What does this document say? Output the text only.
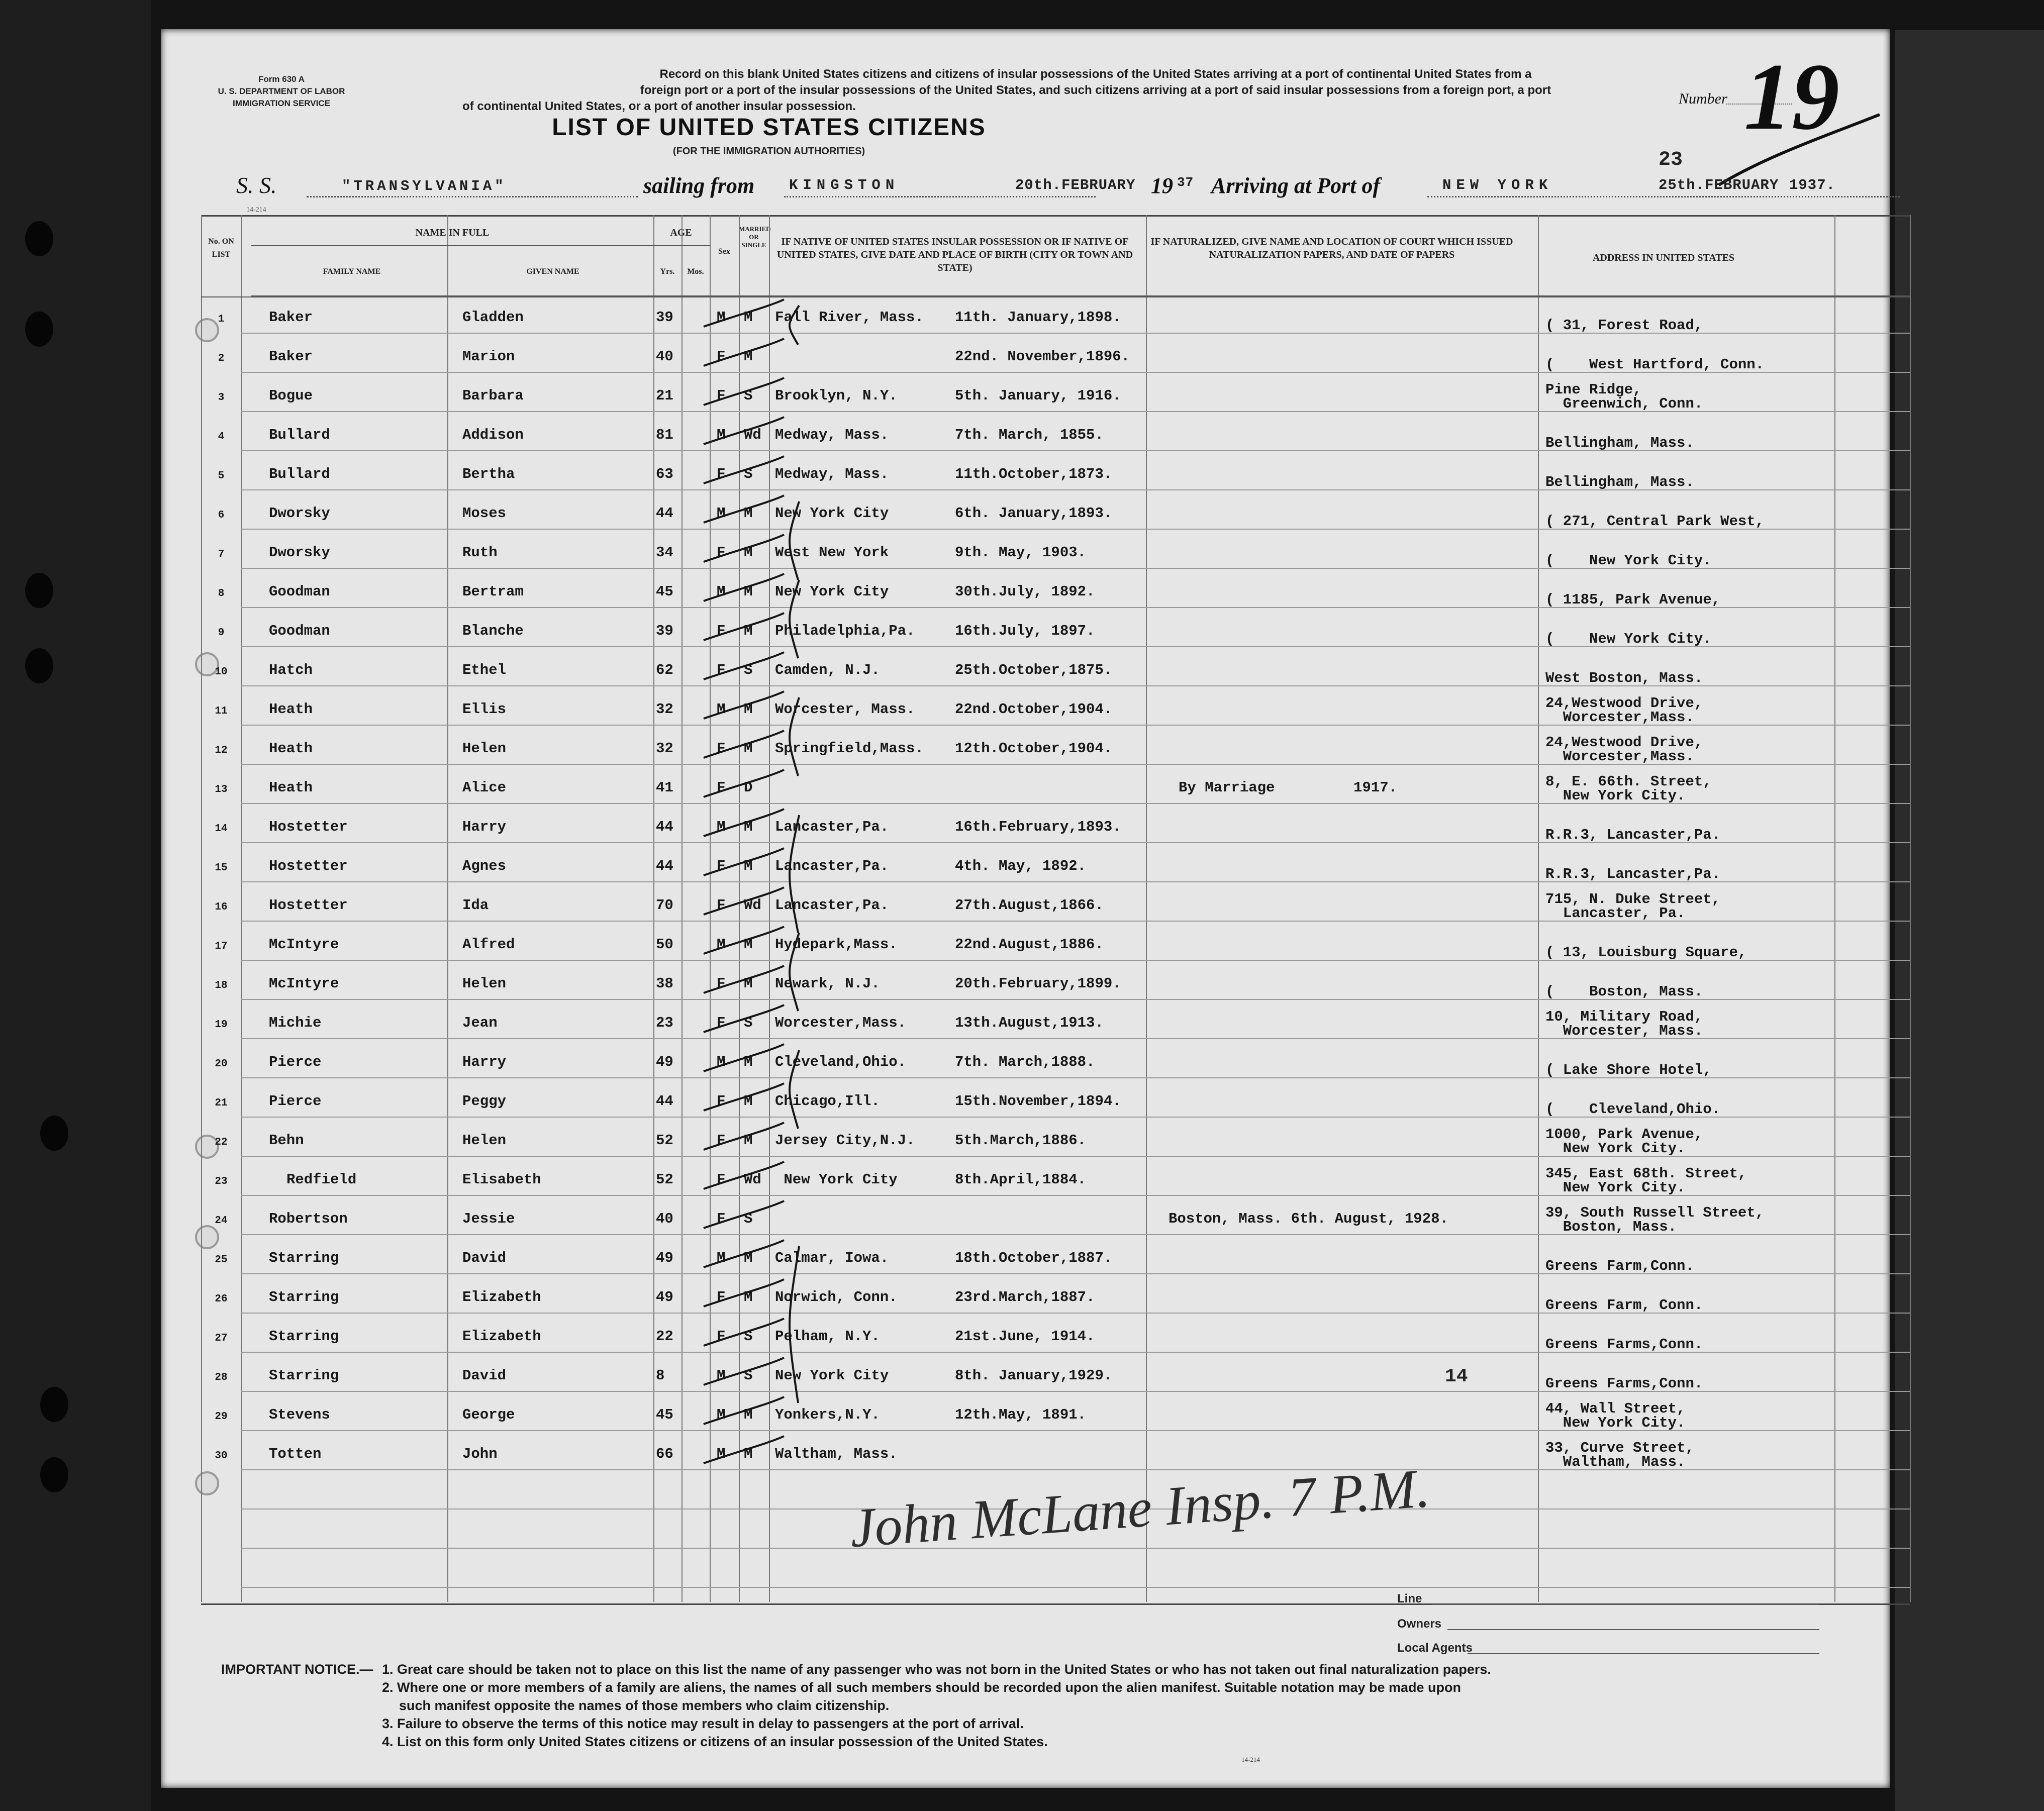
Form 630 A
U. S. DEPARTMENT OF LABOR
IMMIGRATION SERVICE
Record on this blank United States citizens and citizens of insular possessions of the United States arriving at a port of continental United States from a
foreign port or a port of the insular possessions of the United States, and such citizens arriving at a port of said insular possessions from a foreign port, a port
of continental United States, or a port of another insular possession.	Number 19
LIST OF UNITED STATES CITIZENS
(FOR THE IMMIGRATION AUTHORITIES)	23
S. S.	"TRANSYLVANIA"	sailing from KINGSTON	20th.FEBRUARY 19 37 Arriving at Port of	NEW YORK	25th.FEBRUARY 1937.
14-214
No. ON LIST
NAME IN FULL
FAMILY NAME	GIVEN NAME
AGE
Yrs.	Mos.
Sex
MARRIED OR SINGLE	IF NATIVE OF UNITED STATES INSULAR POSSESSION OR IF NATIVE OF UNITED STATES, GIVE DATE AND PLACE OF BIRTH (CITY OR TOWN AND STATE)
IF NATURALIZED, GIVE NAME AND LOCATION OF COURT WHICH ISSUED NATURALIZATION PAPERS, AND DATE OF PAPERS	ADDRESS IN UNITED STATES
1	Baker	Gladden	39	M M Fall River, Mass. 11th. January,1898.	( 31, Forest Road,
2	Baker	Marion	40	F M	22nd. November,1896.	(    West Hartford, Conn.
3	Bogue	Barbara	21	F S Brooklyn, N.Y.	5th. January, 1916.	Pine Ridge,
Greenwich, Conn.
4	Bullard	Addison	81	M Wd Medway, Mass.	7th. March, 1855.	Bellingham, Mass.
5	Bullard	Bertha	63	F S Medway, Mass.	11th.October,1873.	Bellingham, Mass.
6	Dworsky	Moses	44	M M New York City	6th. January,1893.	( 271, Central Park West,
7	Dworsky	Ruth	34	F M West New York	9th. May, 1903.	(    New York City.
8	Goodman	Bertram	45	M M New York City	30th.July, 1892.	( 1185, Park Avenue,
9	Goodman	Blanche	39	F M Philadelphia,Pa.	16th.July, 1897.	(    New York City.
10	Hatch	Ethel	62	F S Camden, N.J.	25th.October,1875.	West Boston, Mass.
11	Heath	Ellis	32	M M Worcester, Mass.	22nd.October,1904.	24,Westwood Drive,
Worcester,Mass.
12	Heath	Helen	32	F M Springfield,Mass. 12th.October,1904.	24,Westwood Drive,
Worcester,Mass.
13	Heath	Alice	41	F D	By Marriage         1917.	8, E. 66th. Street,
New York City.
14	Hostetter	Harry	44	M M Lancaster,Pa.	16th.February,1893.	R.R.3, Lancaster,Pa.
15	Hostetter	Agnes	44	F M Lancaster,Pa.	4th. May, 1892.	R.R.3, Lancaster,Pa.
16	Hostetter	Ida	70	F Wd Lancaster,Pa.	27th.August,1866.	715, N. Duke Street,
Lancaster, Pa.
17	McIntyre	Alfred	50	M M Hydepark,Mass.	22nd.August,1886.	( 13, Louisburg Square,
18	McIntyre	Helen	38	F M Newark, N.J.	20th.February,1899.	(    Boston, Mass.
19	Michie	Jean	23	F S Worcester,Mass.	13th.August,1913.	10, Military Road,
Worcester, Mass.
20	Pierce	Harry	49	M M Cleveland,Ohio.	7th. March,1888.	( Lake Shore Hotel,
21	Pierce	Peggy	44	F M Chicago,Ill.	15th.November,1894.	(    Cleveland,Ohio.
22	Behn	Helen	52	F M Jersey City,N.J.	5th.March,1886.	1000, Park Avenue,
New York City.
23	Redfield	Elisabeth	52	F Wd New York City	8th.April,1884.	345, East 68th. Street,
New York City.
24	Robertson	Jessie	40	F S	Boston, Mass. 6th. August, 1928.	39, South Russell Street,
Boston, Mass.
25	Starring	David	49	M M Calmar, Iowa.	18th.October,1887.	Greens Farm,Conn.
26	Starring	Elizabeth	49	F M Norwich, Conn.	23rd.March,1887.	Greens Farm, Conn.
27	Starring	Elizabeth	22	F S Pelham, N.Y.	21st.June, 1914.	Greens Farms,Conn.
28	Starring	David	8	M S New York City	8th. January,1929.	Greens Farms,Conn.
29	Stevens	George	45	M M Yonkers,N.Y.	12th.May, 1891.	44, Wall Street,
New York City.
30	Totten	John	66	M M Waltham, Mass.	33, Curve Street,
Waltham, Mass.
14
John McLane Insp. 7 P.M.
Line
Owners
Local Agents
IMPORTANT NOTICE.— 1. Great care should be taken not to place on this list the name of any passenger who was not born in the United States or who has not taken out final naturalization papers.
2. Where one or more members of a family are aliens, the names of all such members should be recorded upon the alien manifest. Suitable notation may be made upon
such manifest opposite the names of those members who claim citizenship.
3. Failure to observe the terms of this notice may result in delay to passengers at the port of arrival.
4. List on this form only United States citizens or citizens of an insular possession of the United States.
14-214
